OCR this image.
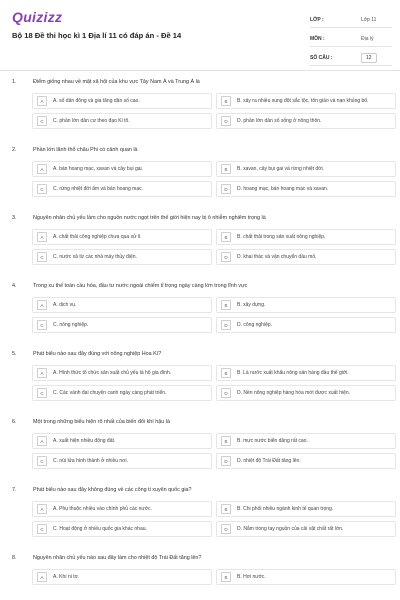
Quizizz
Bộ 18 Đề thi học kì 1 Địa lí 11 có đáp án - Đề 14
LỚP :	Lớp 11
MÔN :	Địa lý
SỐ CÂU :	12
1.	Điểm giống nhau về mặt xã hội của khu vực Tây Nam Á và Trung Á là
A	A. số dân đông và gia tăng dân số cao.	B	B. xảy ra nhiều xung đột sắc tộc, tôn giáo và nạn khủng bố.
C	C. phần lớn dân cư theo đạo Ki tô.	D	D. phần lớn dân số sống ở nông thôn.
2.	Phần lớn lãnh thổ châu Phi có cảnh quan là
A	A. bán hoang mạc, xavan và cây bụi gai.	B	B. xavan, cây bụi gai và rừng nhiệt đới.
C	C. rừng nhiệt đới ẩm và bán hoang mạc.	D	D. hoang mạc, bán hoang mạc và xavan.
3.	Nguyên nhân chủ yếu làm cho nguồn nước ngọt trên thế giới hiện nay bị ô nhiễm nghiêm trọng là
A	A. chất thải công nghiệp chưa qua xử lí.	B	B. chất thải trong sản xuất nông nghiệp.
C	C. nước xả từ các nhà máy thủy điện.	D	D. khai thác và vận chuyển dầu mỏ.
4.	Trong xu thế toàn cầu hóa, đầu tư nước ngoài chiếm tỉ trọng ngày càng lớn trong lĩnh vực
A	A. dịch vụ.	B	B. xây dựng.
C	C. nông nghiệp.	D	D. công nghiệp.
5.	Phát biểu nào sau đây đúng với nông nghiệp Hoa Kì?
A	A. Hình thức tổ chức sản xuất chủ yếu là hộ gia đình.	B	B. Là nước xuất khẩu nông sản hàng đầu thế giới.
C	C. Các vành đai chuyên canh ngày càng phát triển.	D	D. Nền nông nghiệp hàng hóa mới được xuất hiện.
6.	Một trong những biểu hiện rõ nhất của biến đổi khí hậu là
A	A. xuất hiện nhiều động đất.	B	B. mực nước biển dâng rất cao.
C	C. núi lửa hình thành ở nhiều nơi.	D	D. nhiệt độ Trái Đất tăng lên.
7.	Phát biểu nào sau đây không đúng về các công ti xuyên quốc gia?
A	A. Phụ thuộc nhiều vào chính phủ các nước.	B	B. Chi phối nhiều ngành kinh tế quan trọng.
C	C. Hoạt động ở nhiều quốc gia khác nhau.	D	D. Nắm trong tay nguồn của cải vật chất rất lớn.
8.	Nguyên nhân chủ yếu nào sau đây làm cho nhiệt độ Trái Đất tăng lên?
A	A. Khí ni tơ.	B	B. Hơi nước.
